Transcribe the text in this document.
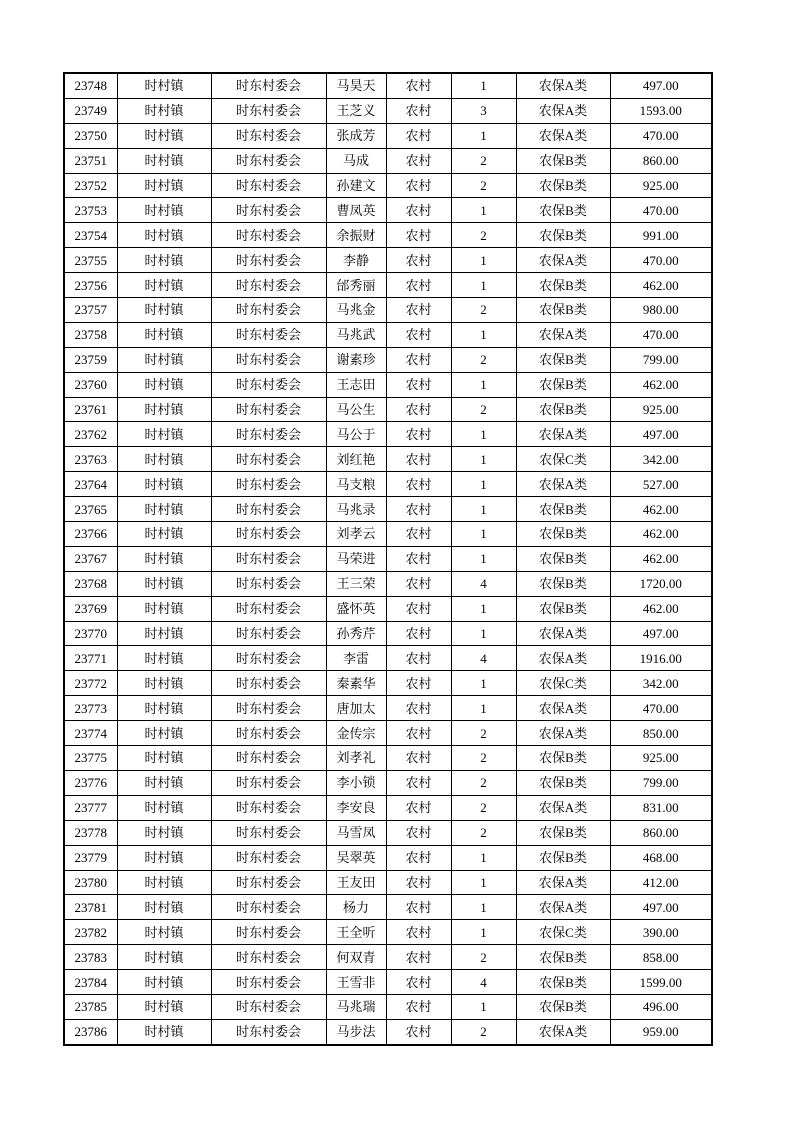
23748	时村镇	时东村委会	马昊天	农村	1	农保A类	497.00
23749	时村镇	时东村委会	王芝义	农村	3	农保A类	1593.00
23750	时村镇	时东村委会	张成芳	农村	1	农保A类	470.00
23751	时村镇	时东村委会	马成	农村	2	农保B类	860.00
23752	时村镇	时东村委会	孙建文	农村	2	农保B类	925.00
23753	时村镇	时东村委会	曹凤英	农村	1	农保B类	470.00
23754	时村镇	时东村委会	余振财	农村	2	农保B类	991.00
23755	时村镇	时东村委会	李静	农村	1	农保A类	470.00
23756	时村镇	时东村委会	邰秀丽	农村	1	农保B类	462.00
23757	时村镇	时东村委会	马兆金	农村	2	农保B类	980.00
23758	时村镇	时东村委会	马兆武	农村	1	农保A类	470.00
23759	时村镇	时东村委会	谢素珍	农村	2	农保B类	799.00
23760	时村镇	时东村委会	王志田	农村	1	农保B类	462.00
23761	时村镇	时东村委会	马公生	农村	2	农保B类	925.00
23762	时村镇	时东村委会	马公于	农村	1	农保A类	497.00
23763	时村镇	时东村委会	刘红艳	农村	1	农保C类	342.00
23764	时村镇	时东村委会	马支粮	农村	1	农保A类	527.00
23765	时村镇	时东村委会	马兆录	农村	1	农保B类	462.00
23766	时村镇	时东村委会	刘孝云	农村	1	农保B类	462.00
23767	时村镇	时东村委会	马荣进	农村	1	农保B类	462.00
23768	时村镇	时东村委会	王三荣	农村	4	农保B类	1720.00
23769	时村镇	时东村委会	盛怀英	农村	1	农保B类	462.00
23770	时村镇	时东村委会	孙秀芹	农村	1	农保A类	497.00
23771	时村镇	时东村委会	李雷	农村	4	农保A类	1916.00
23772	时村镇	时东村委会	秦素华	农村	1	农保C类	342.00
23773	时村镇	时东村委会	唐加太	农村	1	农保A类	470.00
23774	时村镇	时东村委会	金传宗	农村	2	农保A类	850.00
23775	时村镇	时东村委会	刘孝礼	农村	2	农保B类	925.00
23776	时村镇	时东村委会	李小锁	农村	2	农保B类	799.00
23777	时村镇	时东村委会	李安良	农村	2	农保A类	831.00
23778	时村镇	时东村委会	马雪凤	农村	2	农保B类	860.00
23779	时村镇	时东村委会	吴翠英	农村	1	农保B类	468.00
23780	时村镇	时东村委会	王友田	农村	1	农保A类	412.00
23781	时村镇	时东村委会	杨力	农村	1	农保A类	497.00
23782	时村镇	时东村委会	王全听	农村	1	农保C类	390.00
23783	时村镇	时东村委会	何双青	农村	2	农保B类	858.00
23784	时村镇	时东村委会	王雪非	农村	4	农保B类	1599.00
23785	时村镇	时东村委会	马兆瑞	农村	1	农保B类	496.00
23786	时村镇	时东村委会	马步法	农村	2	农保A类	959.00
